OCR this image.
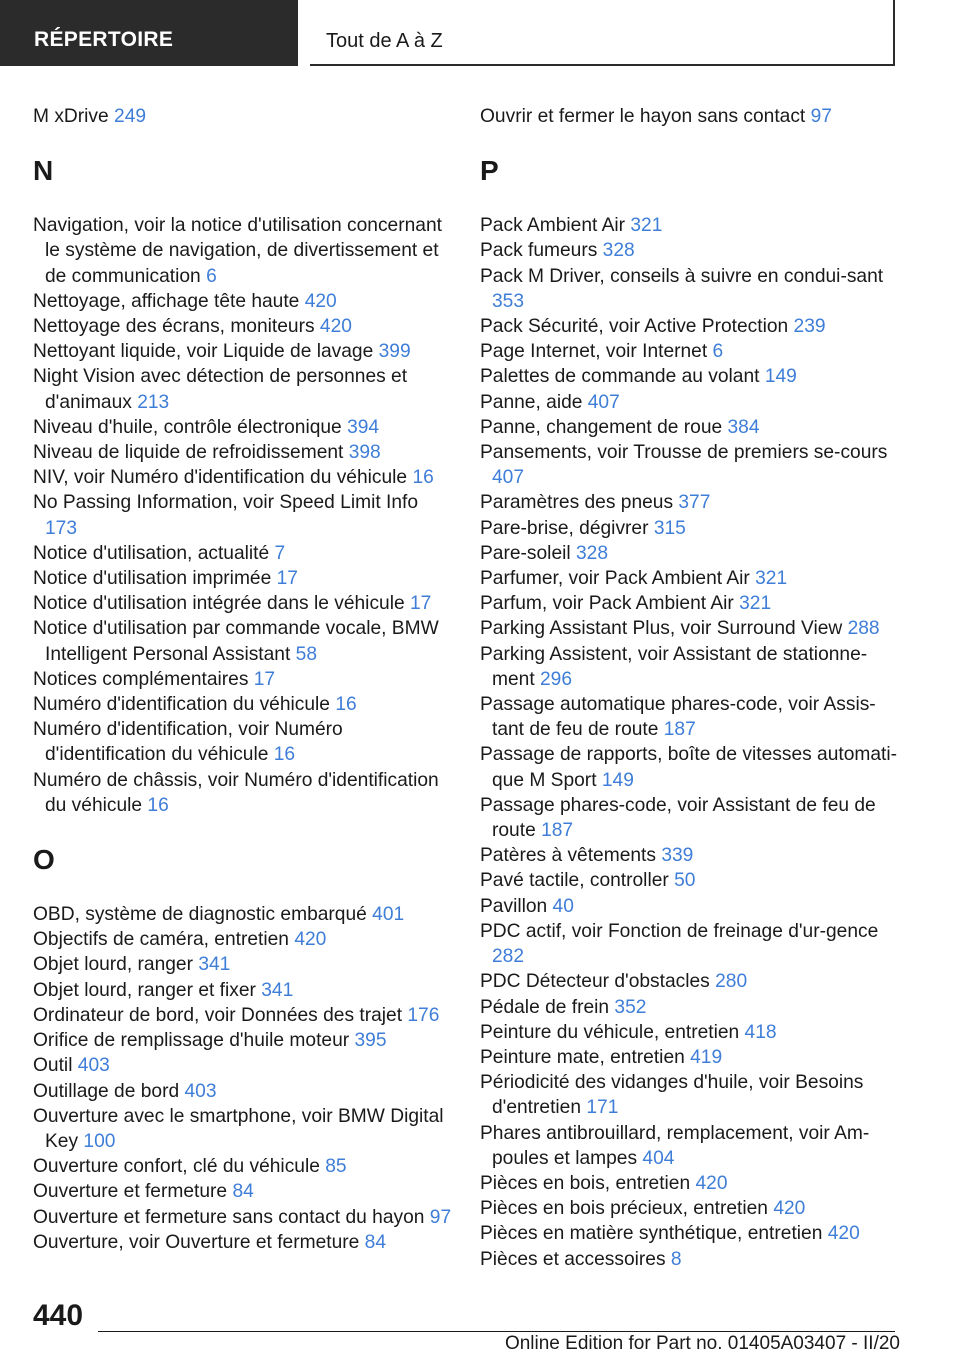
RÉPERTOIRE	Tout de A à Z

M xDrive 249

N

Navigation, voir la notice d'utilisation concernant le système de navigation, de divertissement et de communication 6

Nettoyage, affichage tête haute 420

Nettoyage des écrans, moniteurs 420

Nettoyant liquide, voir Liquide de lavage 399

Night Vision avec détection de personnes et d'animaux 213

Niveau d'huile, contrôle électronique 394

Niveau de liquide de refroidissement 398

NIV, voir Numéro d'identification du véhicule 16

No Passing Information, voir Speed Limit Info 173

Notice d'utilisation, actualité 7

Notice d'utilisation imprimée 17

Notice d'utilisation intégrée dans le véhicule 17

Notice d'utilisation par commande vocale, BMW Intelligent Personal Assistant 58

Notices complémentaires 17

Numéro d'identification du véhicule 16

Numéro d'identification, voir Numéro d'identification du véhicule 16

Numéro de châssis, voir Numéro d'identification du véhicule 16

O

OBD, système de diagnostic embarqué 401

Objectifs de caméra, entretien 420

Objet lourd, ranger 341

Objet lourd, ranger et fixer 341

Ordinateur de bord, voir Données des trajet 176

Orifice de remplissage d'huile moteur 395

Outil 403

Outillage de bord 403

Ouverture avec le smartphone, voir BMW Digital Key 100

Ouverture confort, clé du véhicule 85

Ouverture et fermeture 84

Ouverture et fermeture sans contact du hayon 97

Ouverture, voir Ouverture et fermeture 84

Ouvrir et fermer le hayon sans contact 97

P

Pack Ambient Air 321

Pack fumeurs 328

Pack M Driver, conseils à suivre en condui-sant 353

Pack Sécurité, voir Active Protection 239

Page Internet, voir Internet 6

Palettes de commande au volant 149

Panne, aide 407

Panne, changement de roue 384

Pansements, voir Trousse de premiers se-cours 407

Paramètres des pneus 377

Pare-brise, dégivrer 315

Pare-soleil 328

Parfumer, voir Pack Ambient Air 321

Parfum, voir Pack Ambient Air 321

Parking Assistant Plus, voir Surround View 288

Parking Assistent, voir Assistant de stationne-ment 296

Passage automatique phares-code, voir Assis-tant de feu de route 187

Passage de rapports, boîte de vitesses automati-que M Sport 149

Passage phares-code, voir Assistant de feu de route 187

Patères à vêtements 339

Pavé tactile, controller 50

Pavillon 40

PDC actif, voir Fonction de freinage d'ur-gence 282

PDC Détecteur d'obstacles 280

Pédale de frein 352

Peinture du véhicule, entretien 418

Peinture mate, entretien 419

Périodicité des vidanges d'huile, voir Besoins d'entretien 171

Phares antibrouillard, remplacement, voir Am-poules et lampes 404

Pièces en bois, entretien 420

Pièces en bois précieux, entretien 420

Pièces en matière synthétique, entretien 420

Pièces et accessoires 8

440
Online Edition for Part no. 01405A03407 - II/20
